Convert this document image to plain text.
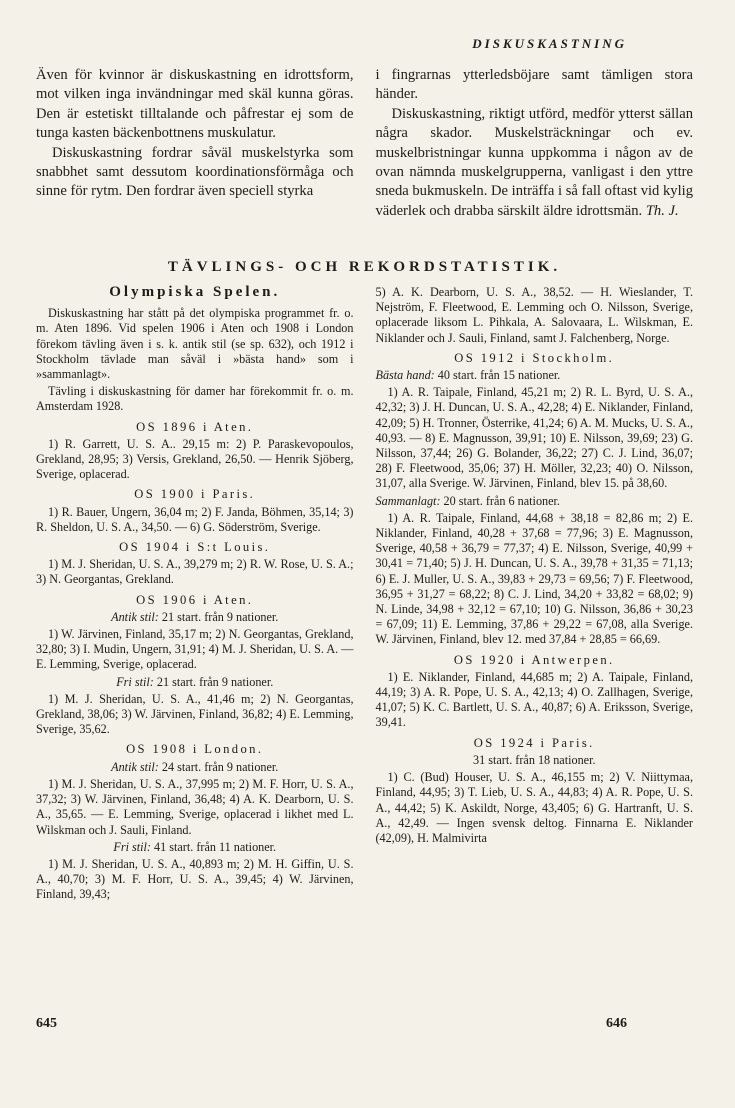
DISKUSKASTNING

Även för kvinnor är diskuskastning en idrottsform, mot vilken inga invändningar med skäl kunna göras. Den är estetiskt tilltalande och påfrestar ej som de tunga kasten bäckenbottnens muskulatur.

Diskuskastning fordrar såväl muskelstyrka som snabbhet samt dessutom koordinationsförmåga och sinne för rytm. Den fordrar även speciell styrka

i fingrarnas ytterledsböjare samt tämligen stora händer.

Diskuskastning, riktigt utförd, medför ytterst sällan några skador. Muskelsträckningar och ev. muskelbristningar kunna uppkomma i någon av de ovan nämnda muskelgrupperna, vanligast i den yttre sneda bukmuskeln. De inträffa i så fall oftast vid kylig väderlek och drabba särskilt äldre idrottsmän. Th. J.

TÄVLINGS- OCH REKORDSTATISTIK.
Olympiska Spelen.

Diskuskastning har stått på det olympiska programmet fr. o. m. Aten 1896. Vid spelen 1906 i Aten och 1908 i London förekom tävling även i s. k. antik stil (se sp. 632), och 1912 i Stockholm tävlade man såväl i »bästa hand» som i »sammanlagt».

Tävling i diskuskastning för damer har förekommit fr. o. m. Amsterdam 1928.

OS 1896 i Aten.

1) R. Garrett, U. S. A.. 29,15 m: 2) P. Paraskevopoulos, Grekland, 28,95; 3) Versis, Grekland, 26,50. — Henrik Sjöberg, Sverige, oplacerad.

OS 1900 i Paris.

1) R. Bauer, Ungern, 36,04 m; 2) F. Janda, Böhmen, 35,14; 3) R. Sheldon, U. S. A., 34,50. — 6) G. Söderström, Sverige.

OS 1904 i S:t Louis.

1) M. J. Sheridan, U. S. A., 39,279 m; 2) R. W. Rose, U. S. A.; 3) N. Georgantas, Grekland.

OS 1906 i Aten.

Antik stil: 21 start. från 9 nationer.

1) W. Järvinen, Finland, 35,17 m; 2) N. Georgantas, Grekland, 32,80; 3) I. Mudin, Ungern, 31,91; 4) M. J. Sheridan, U. S. A. — E. Lemming, Sverige, oplacerad.

Fri stil: 21 start. från 9 nationer.

1) M. J. Sheridan, U. S. A., 41,46 m; 2) N. Georgantas, Grekland, 38,06; 3) W. Järvinen, Finland, 36,82; 4) E. Lemming, Sverige, 35,62.

OS 1908 i London.

Antik stil: 24 start. från 9 nationer.

1) M. J. Sheridan, U. S. A., 37,995 m; 2) M. F. Horr, U. S. A., 37,32; 3) W. Järvinen, Finland, 36,48; 4) A. K. Dearborn, U. S. A., 35,65. — E. Lemming, Sverige, oplacerad i likhet med L. Wilskman och J. Sauli, Finland.

Fri stil: 41 start. från 11 nationer.

1) M. J. Sheridan, U. S. A., 40,893 m; 2) M. H. Giffin, U. S. A., 40,70; 3) M. F. Horr, U. S. A., 39,45; 4) W. Järvinen, Finland, 39,43;

5) A. K. Dearborn, U. S. A., 38,52. — H. Wieslander, T. Nejström, F. Fleetwood, E. Lemming och O. Nilsson, Sverige, oplacerade liksom L. Pihkala, A. Salovaara, L. Wilskman, E. Niklander och J. Sauli, Finland, samt J. Falchenberg, Norge.

OS 1912 i Stockholm.

Bästa hand: 40 start. från 15 nationer.

1) A. R. Taipale, Finland, 45,21 m; 2) R. L. Byrd, U. S. A., 42,32; 3) J. H. Duncan, U. S. A., 42,28; 4) E. Niklander, Finland, 42,09; 5) H. Tronner, Österrike, 41,24; 6) A. M. Mucks, U. S. A., 40,93. — 8) E. Magnusson, 39,91; 10) E. Nilsson, 39,69; 23) G. Nilsson, 37,44; 26) G. Bolander, 36,22; 27) C. J. Lind, 36,07; 28) F. Fleetwood, 35,06; 37) H. Möller, 32,23; 40) O. Nilsson, 31,07, alla Sverige. W. Järvinen, Finland, blev 15. på 38,60.

Sammanlagt: 20 start. från 6 nationer.

1) A. R. Taipale, Finland, 44,68 + 38,18 = 82,86 m; 2) E. Niklander, Finland, 40,28 + 37,68 = 77,96; 3) E. Magnusson, Sverige, 40,58 + 36,79 = 77,37; 4) E. Nilsson, Sverige, 40,99 + 30,41 = 71,40; 5) J. H. Duncan, U. S. A., 39,78 + 31,35 = 71,13; 6) E. J. Muller, U. S. A., 39,83 + 29,73 = 69,56; 7) F. Fleetwood, 36,95 + 31,27 = 68,22; 8) C. J. Lind, 34,20 + 33,82 = 68,02; 9) N. Linde, 34,98 + 32,12 = 67,10; 10) G. Nilsson, 36,86 + 30,23 = 67,09; 11) E. Lemming, 37,86 + 29,22 = 67,08, alla Sverige. W. Järvinen, Finland, blev 12. med 37,84 + 28,85 = 66,69.

OS 1920 i Antwerpen.

1) E. Niklander, Finland, 44,685 m; 2) A. Taipale, Finland, 44,19; 3) A. R. Pope, U. S. A., 42,13; 4) O. Zallhagen, Sverige, 41,07; 5) K. C. Bartlett, U. S. A., 40,87; 6) A. Eriksson, Sverige, 39,41.

OS 1924 i Paris.

31 start. från 18 nationer.

1) C. (Bud) Houser, U. S. A., 46,155 m; 2) V. Niittymaa, Finland, 44,95; 3) T. Lieb, U. S. A., 44,83; 4) A. R. Pope, U. S. A., 44,42; 5) K. Askildt, Norge, 43,405; 6) G. Hartranft, U. S. A., 42,49. — Ingen svensk deltog. Finnarna E. Niklander (42,09), H. Malmivirta

645	646
